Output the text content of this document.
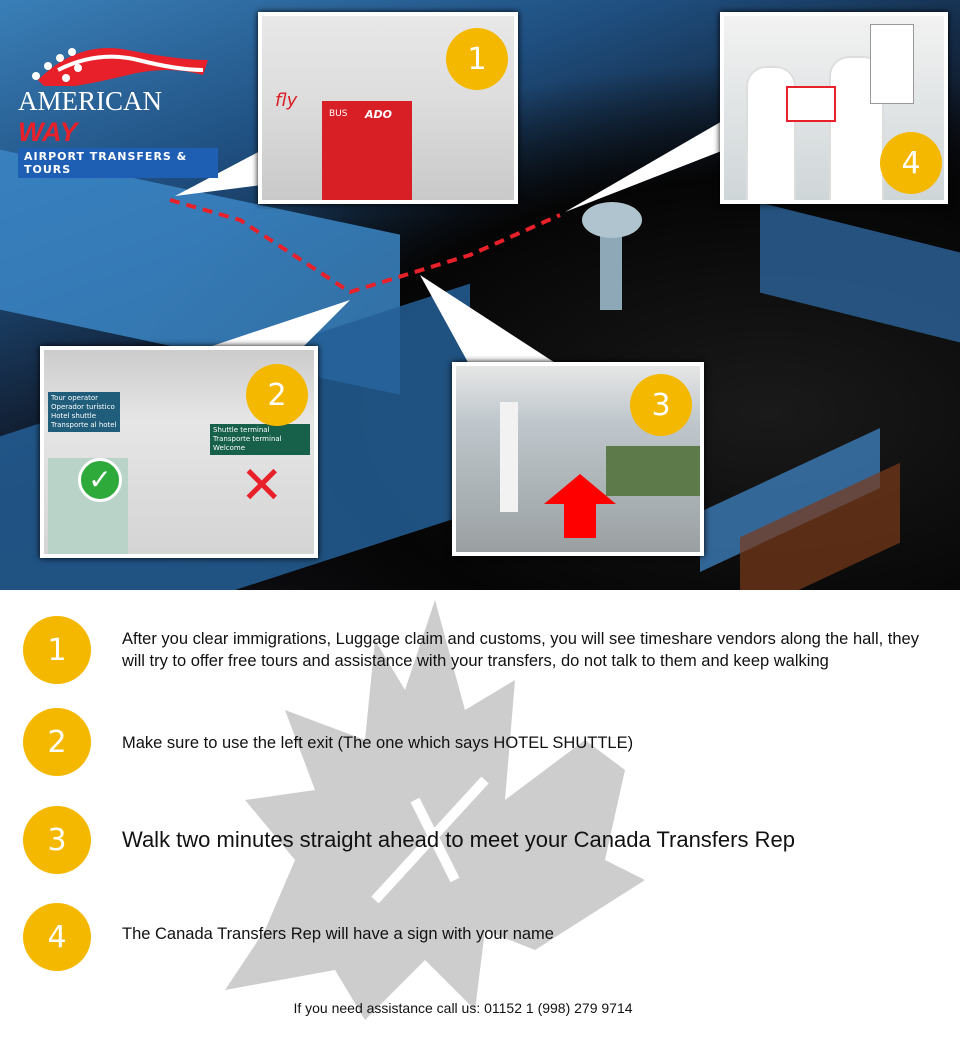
AMERICAN WAY
AIRPORT TRANSFERS & TOURS
fly
BUS ADO
1
4
Tour operator
Operador turístico
Hotel shuttle
Transporte al hotel
Shuttle terminal
Transporte terminal
Welcome
✓ ✕
2	3
1	After you clear immigrations, Luggage claim and customs, you will see timeshare vendors along the hall, they will try to offer free tours and assistance with your transfers, do not talk to them and keep walking
2	Make sure to use the left exit (The one which says HOTEL SHUTTLE)
3	Walk two minutes straight ahead to meet your Canada Transfers Rep
4	The Canada Transfers Rep will have a sign with your name
If you need assistance call us: 01152 1 (998) 279 9714
